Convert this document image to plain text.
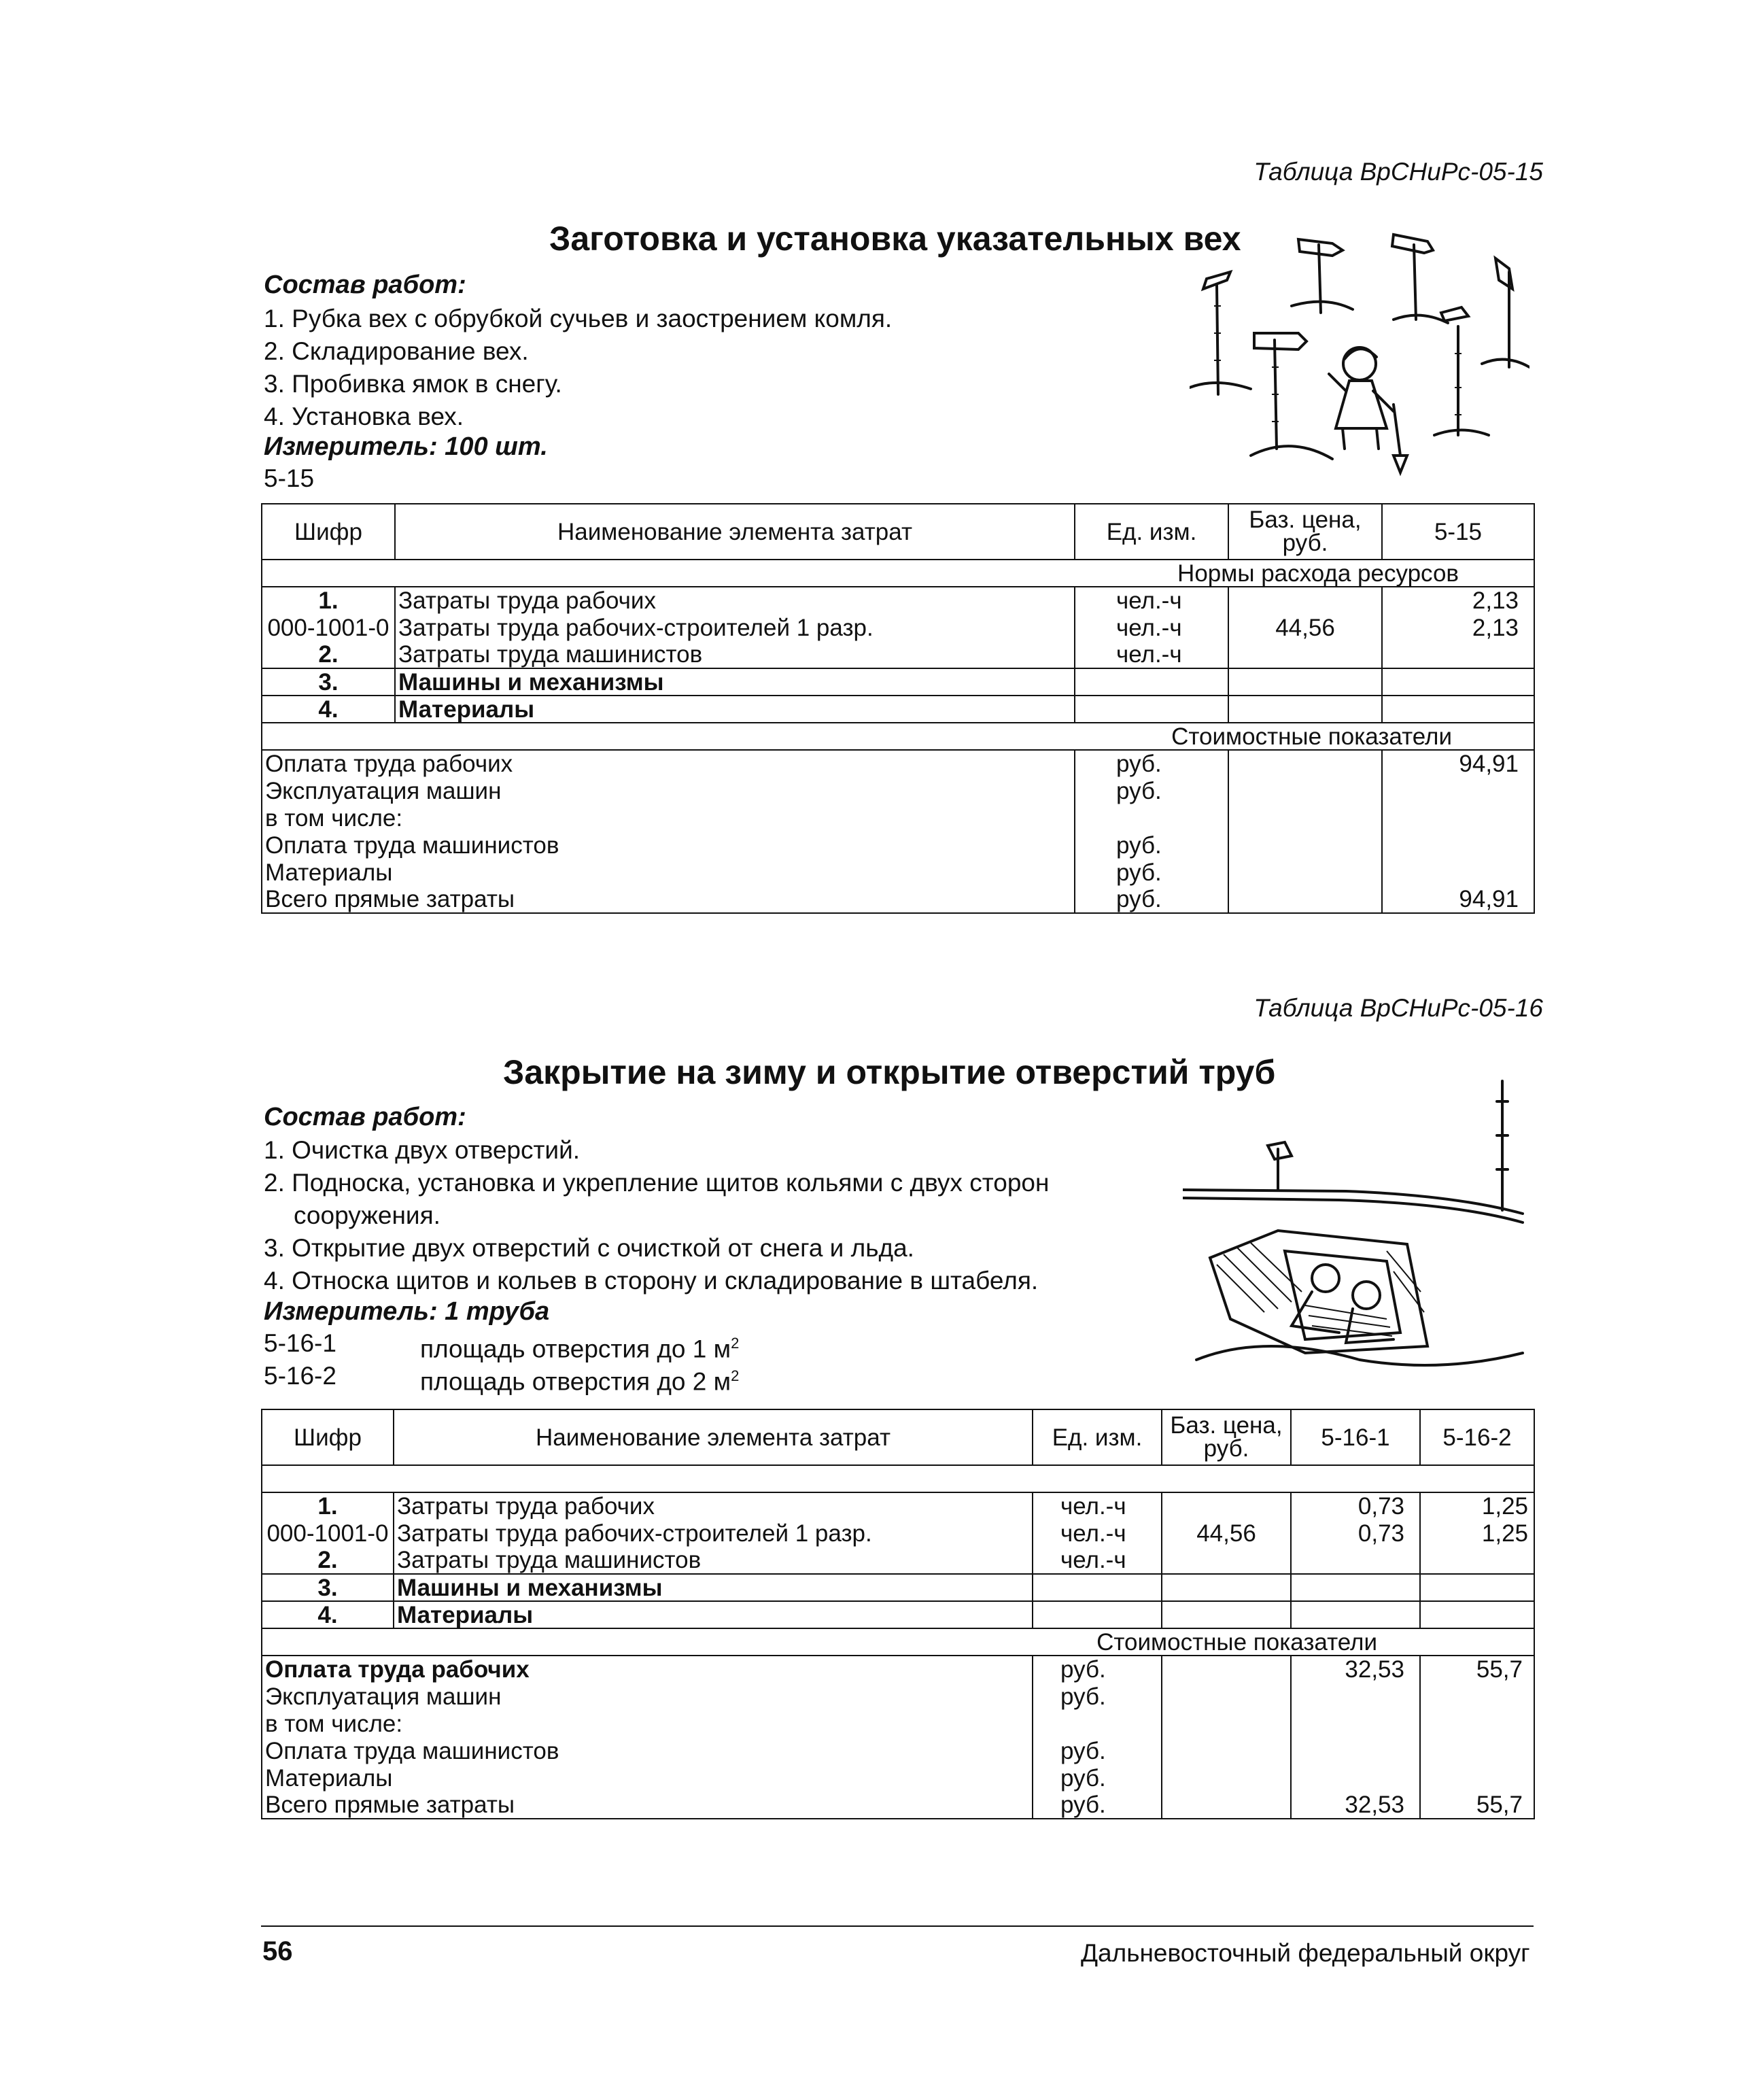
Таблица ВрСНиРс-05-15
Заготовка и установка указательных вех
Состав работ:
1. Рубка вех с обрубкой сучьев и заострением комля.
2. Складирование вех.
3. Пробивка ямок в снегу.
4. Установка вех.
Измеритель: 100 шт.
5-15
Шифр	Наименование элемента затрат	Ед. изм.	Баз. цена,
руб.	5-15
Нормы расхода ресурсов				
1.	Затраты труда рабочих	чел.-ч		2,13
000-1001-0	Затраты труда рабочих-строителей 1 разр.	чел.-ч	44,56	2,13
2.	Затраты труда машинистов	чел.-ч		
3.	Машины и механизмы			
4.	Материалы			
Стоимостные показатели				
Оплата труда рабочих		руб.		94,91
Эксплуатация машин		руб.		
в том числе:				
Оплата труда машинистов		руб.		
Материалы		руб.		
Всего прямые затраты		руб.		94,91
Таблица ВрСНиРс-05-16
Закрытие на зиму и открытие отверстий труб
Состав работ:
1. Очистка двух отверстий.
2. Подноска, установка и укрепление щитов кольями с двух сторон
сооружения.
3. Открытие двух отверстий с очисткой от снега и льда.
4. Относка щитов и кольев в сторону и складирование в штабеля.
Измеритель: 1 труба
5-16-1	площадь отверстия до 1 $м^2$
5-16-2	площадь отверстия до 2 $м^2$
Шифр	Наименование элемента затрат	Ед. изм.	Баз. цена,
руб.	5-16-1	5-16-2

1.	Затраты труда рабочих	чел.-ч		0,73	1,25
000-1001-0	Затраты труда рабочих-строителей 1 разр.	чел.-ч	44,56	0,73	1,25
2.	Затраты труда машинистов	чел.-ч			
3.	Машины и механизмы				
4.	Материалы				
Стоимостные показатели					
Оплата труда рабочих		руб.		32,53	55,7
Эксплуатация машин		руб.			
в том числе:					
Оплата труда машинистов		руб.			
Материалы		руб.			
Всего прямые затраты		руб.		32,53	55,7
56	Дальневосточный федеральный округ
